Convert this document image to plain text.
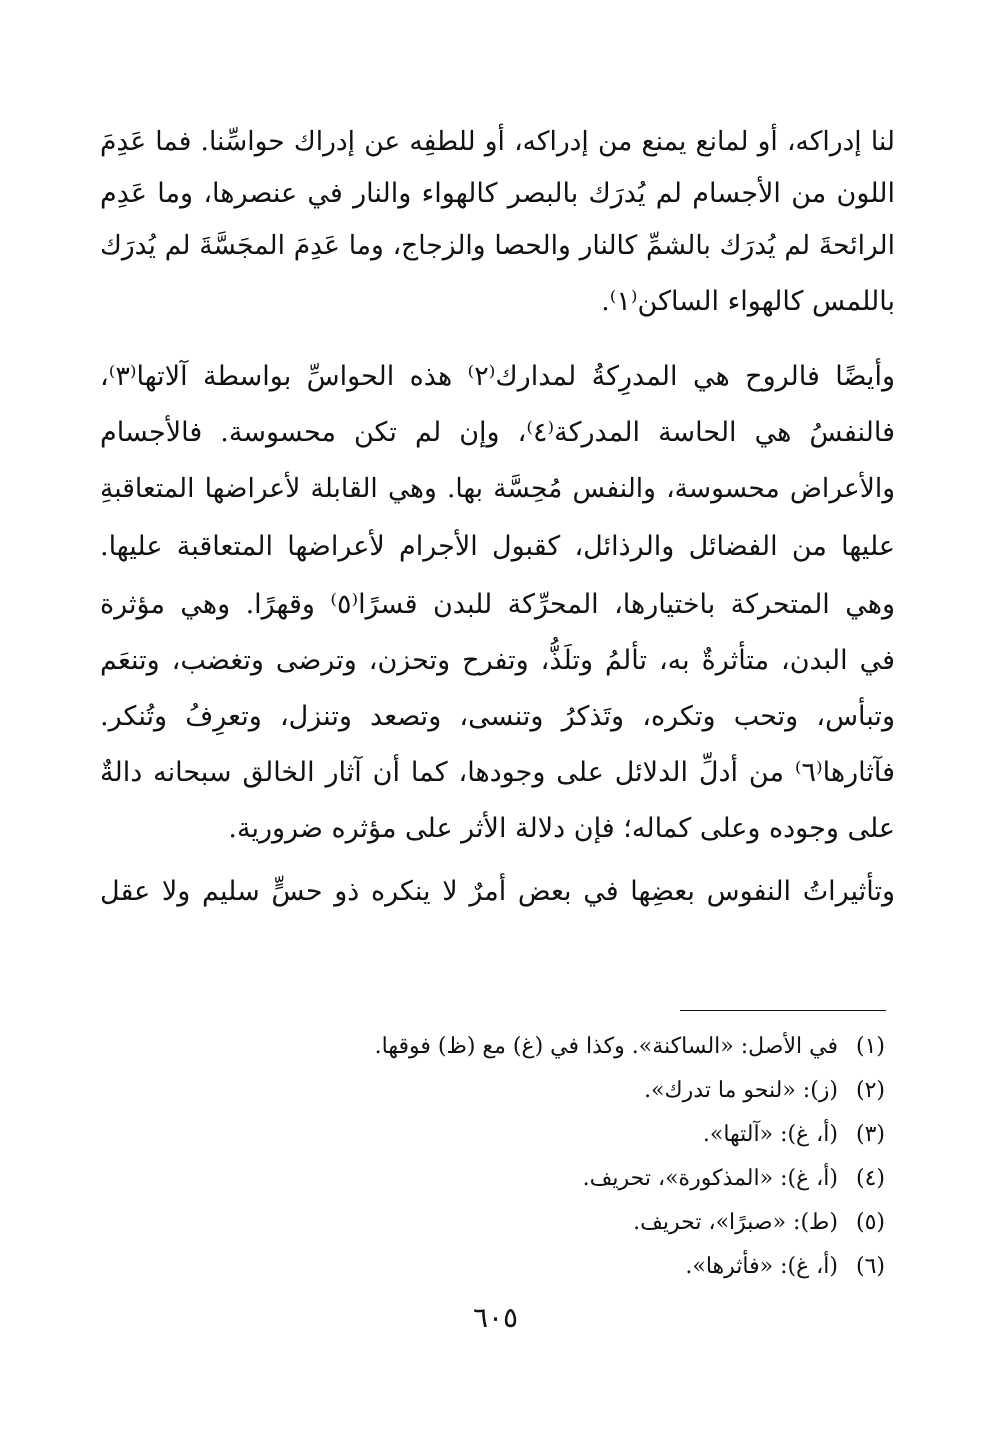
لنا إدراكه، أو لمانع يمنع من إدراكه، أو للطفِه عن إدراك حواسِّنا. فما عَدِمَ
اللون من الأجسام لم يُدرَك بالبصر كالهواء والنار في عنصرها، وما عَدِم
الرائحةَ لم يُدرَك بالشمِّ كالنار والحصا والزجاج، وما عَدِمَ المجَسَّةَ لم يُدرَك
باللمس كالهواء الساكن⁽١⁾.
وأيضًا فالروح هي المدرِكةُ لمدارك⁽٢⁾ هذه الحواسِّ بواسطة آلاتها⁽٣⁾،
فالنفسُ هي الحاسة المدركة⁽٤⁾، وإن لم تكن محسوسة. فالأجسام
والأعراض محسوسة، والنفس مُحِسَّة بها. وهي القابلة لأعراضها المتعاقبةِ
عليها من الفضائل والرذائل، كقبول الأجرام لأعراضها المتعاقبة عليها.
وهي المتحركة باختيارها، المحرِّكة للبدن قسرًا⁽٥⁾ وقهرًا. وهي مؤثرة
في البدن، متأثرةٌ به، تألمُ وتلَذُّ، وتفرح وتحزن، وترضى وتغضب، وتنعَم
وتبأس، وتحب وتكره، وتَذكرُ وتنسى، وتصعد وتنزل، وتعرِفُ وتُنكر.
فآثارها⁽٦⁾ من أدلِّ الدلائل على وجودها، كما أن آثار الخالق سبحانه دالةٌ
على وجوده وعلى كماله؛ فإن دلالة الأثر على مؤثره ضرورية.
وتأثيراتُ النفوس بعضِها في بعض أمرٌ لا ينكره ذو حسٍّ سليم ولا عقل
(١)في الأصل: «الساكنة». وكذا في (غ) مع (ظ) فوقها.
(٢)(ز): «لنحو ما تدرك».
(٣)(أ، غ): «آلتها».
(٤)(أ، غ): «المذكورة»، تحريف.
(٥)(ط): «صبرًا»، تحريف.
(٦)(أ، غ): «فأثرها».
٦٠٥
